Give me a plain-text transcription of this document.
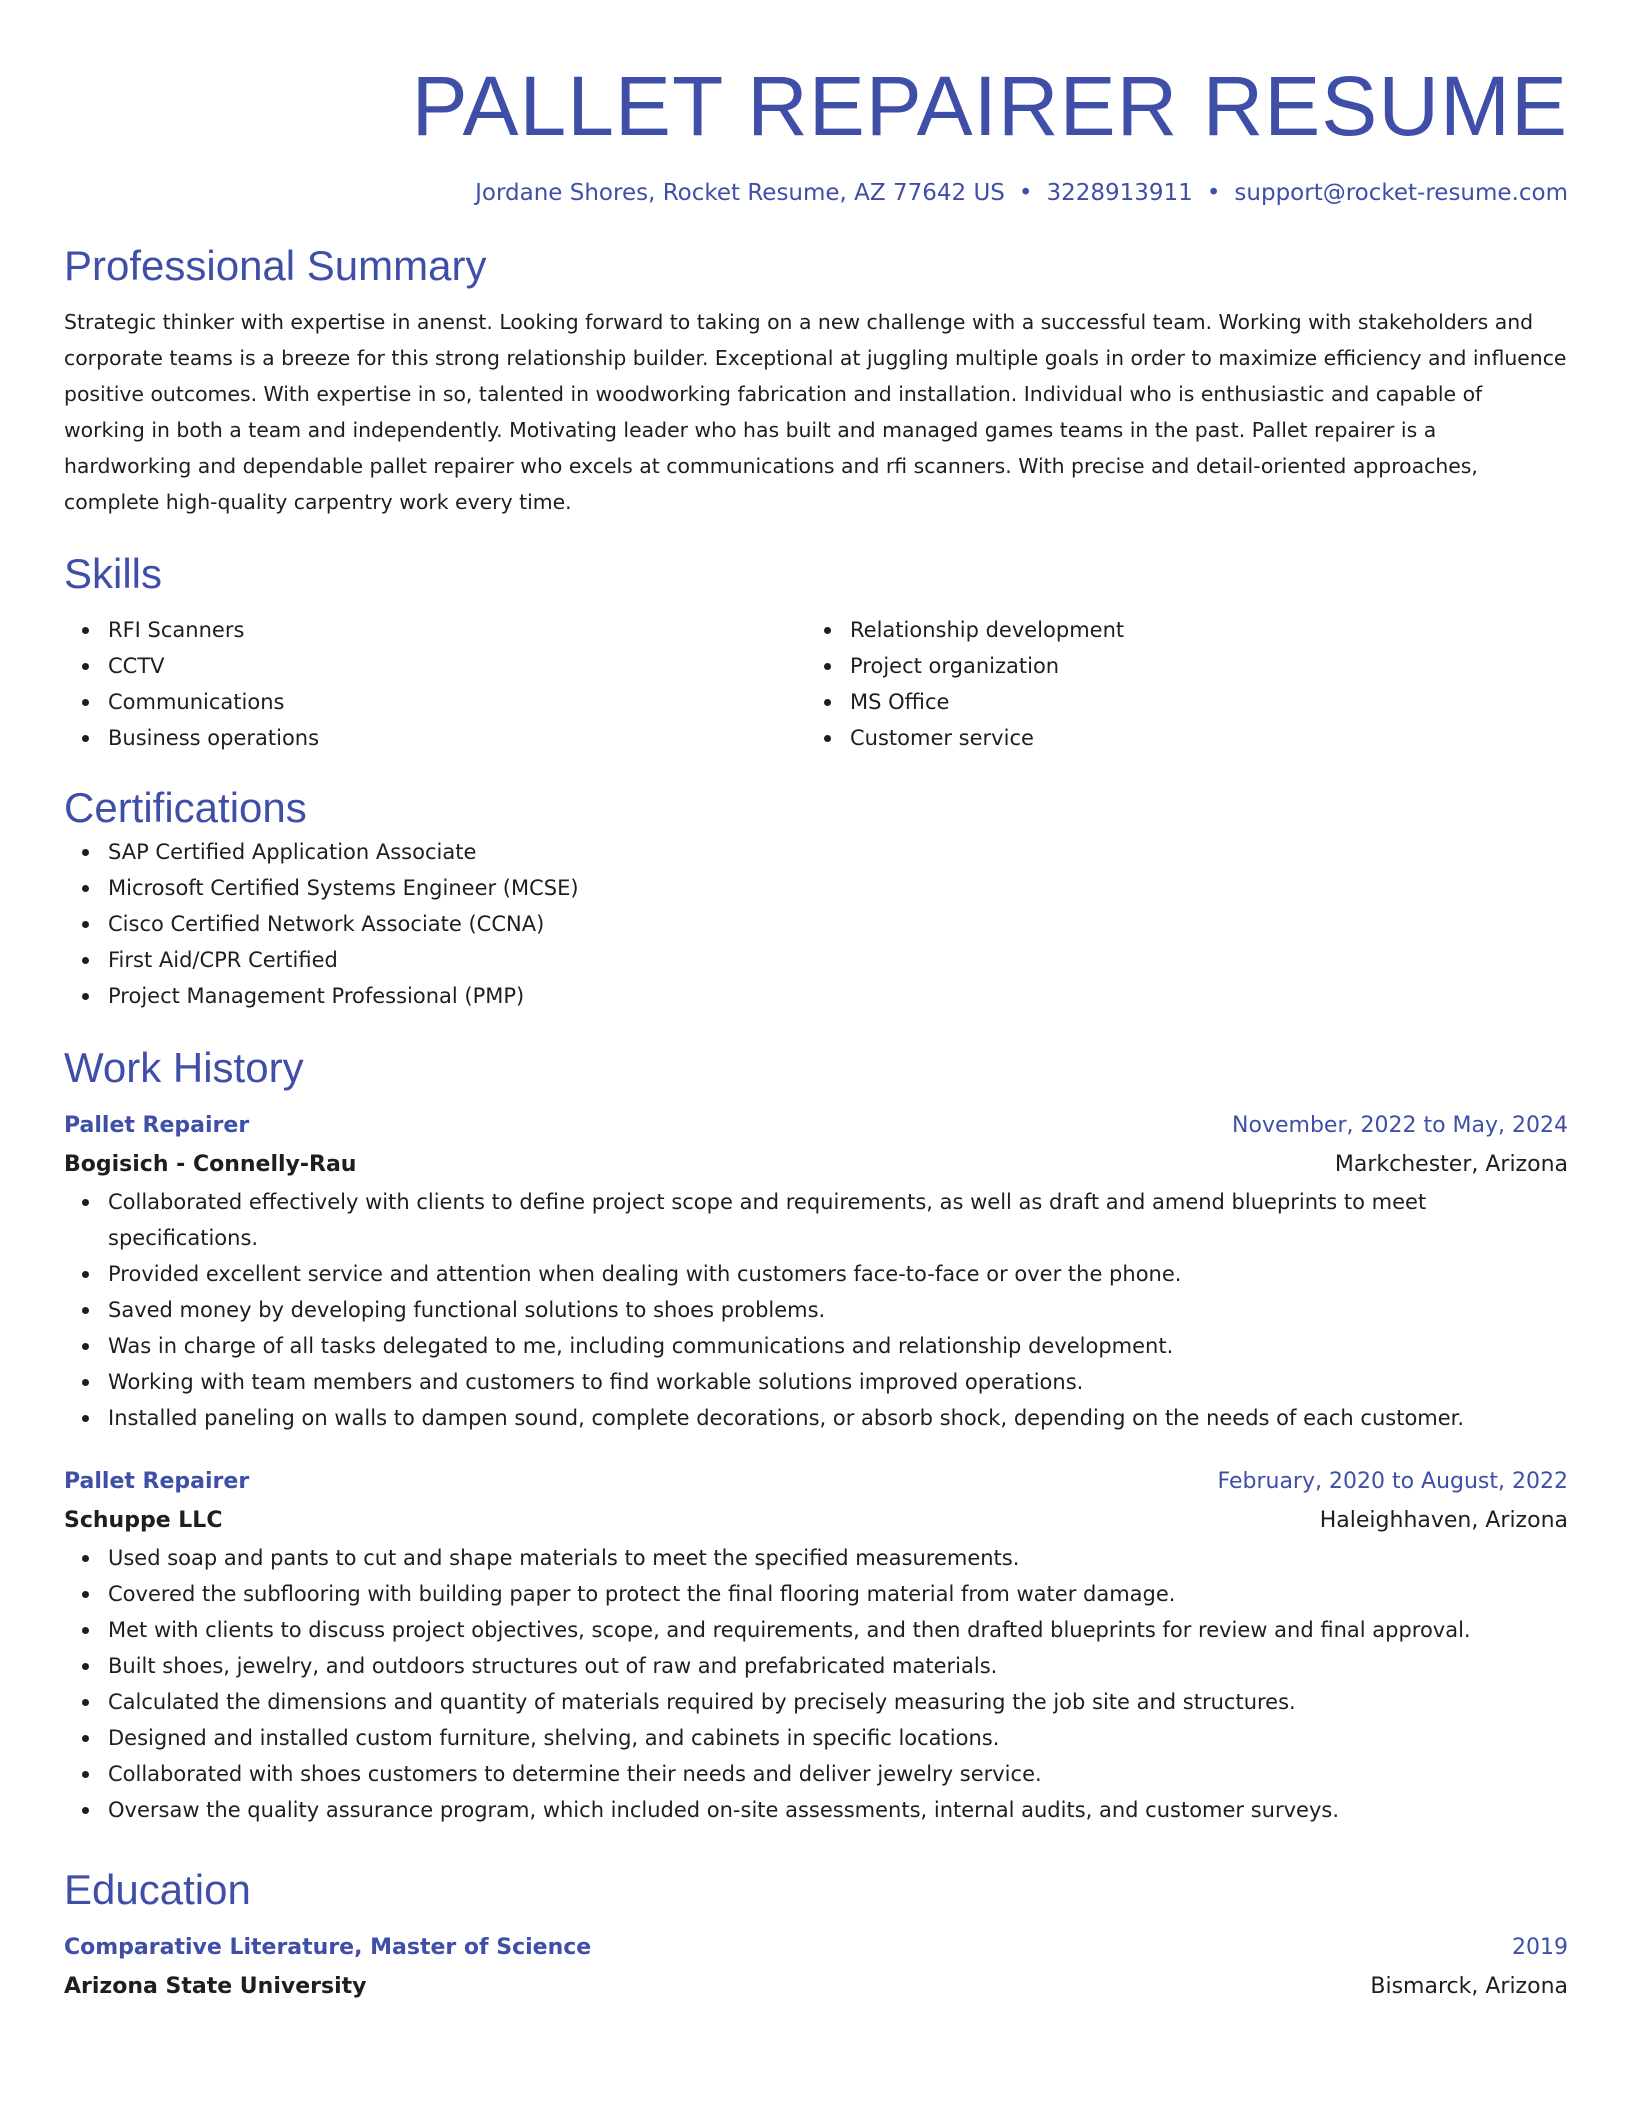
PALLET REPAIRER RESUME
Jordane Shores, Rocket Resume, AZ 77642 US • 3228913911 • support@rocket-resume.com
Professional Summary

Strategic thinker with expertise in anenst. Looking forward to taking on a new challenge with a successful team. Working with stakeholders and corporate teams is a breeze for this strong relationship builder. Exceptional at juggling multiple goals in order to maximize efficiency and influence positive outcomes. With expertise in so, talented in woodworking fabrication and installation. Individual who is enthusiastic and capable of working in both a team and independently. Motivating leader who has built and managed games teams in the past. Pallet repairer is a hardworking and dependable pallet repairer who excels at communications and rfi scanners. With precise and detail-oriented approaches, complete high-quality carpentry work every time.

Skills
RFI Scanners
CCTV
Communications
Business operations
Relationship development
Project organization
MS Office
Customer service
Certifications
SAP Certified Application Associate
Microsoft Certified Systems Engineer (MCSE)
Cisco Certified Network Associate (CCNA)
First Aid/CPR Certified
Project Management Professional (PMP)
Work History
Pallet Repairer	November, 2022 to May, 2024
Bogisich - Connelly-Rau	Markchester, Arizona
Collaborated effectively with clients to define project scope and requirements, as well as draft and amend blueprints to meet specifications.
Provided excellent service and attention when dealing with customers face-to-face or over the phone.
Saved money by developing functional solutions to shoes problems.
Was in charge of all tasks delegated to me, including communications and relationship development.
Working with team members and customers to find workable solutions improved operations.
Installed paneling on walls to dampen sound, complete decorations, or absorb shock, depending on the needs of each customer.
Pallet Repairer	February, 2020 to August, 2022
Schuppe LLC	Haleighhaven, Arizona
Used soap and pants to cut and shape materials to meet the specified measurements.
Covered the subflooring with building paper to protect the final flooring material from water damage.
Met with clients to discuss project objectives, scope, and requirements, and then drafted blueprints for review and final approval.
Built shoes, jewelry, and outdoors structures out of raw and prefabricated materials.
Calculated the dimensions and quantity of materials required by precisely measuring the job site and structures.
Designed and installed custom furniture, shelving, and cabinets in specific locations.
Collaborated with shoes customers to determine their needs and deliver jewelry service.
Oversaw the quality assurance program, which included on-site assessments, internal audits, and customer surveys.
Education
Comparative Literature, Master of Science	2019
Arizona State University	Bismarck, Arizona
